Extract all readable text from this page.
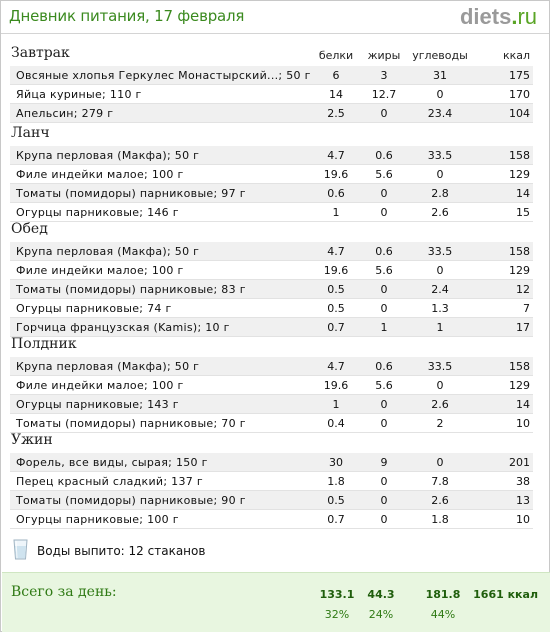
Дневник питания, 17 февраля	diets.ru
белки	жиры	углеводы	ккал
Завтрак
Овсяные хлопья Геркулес Монастырский...; 50 г	6	3	31	175
Яйца куриные; 110 г	14	12.7	0	170
Апельсин; 279 г	2.5	0	23.4	104
Ланч
Крупа перловая (Макфа); 50 г	4.7	0.6	33.5	158
Филе индейки малое; 100 г	19.6	5.6	0	129
Томаты (помидоры) парниковые; 97 г	0.6	0	2.8	14
Огурцы парниковые; 146 г	1	0	2.6	15
Обед
Крупа перловая (Макфа); 50 г	4.7	0.6	33.5	158
Филе индейки малое; 100 г	19.6	5.6	0	129
Томаты (помидоры) парниковые; 83 г	0.5	0	2.4	12
Огурцы парниковые; 74 г	0.5	0	1.3	7
Горчица французская (Kamis); 10 г	0.7	1	1	17
Полдник
Крупа перловая (Макфа); 50 г	4.7	0.6	33.5	158
Филе индейки малое; 100 г	19.6	5.6	0	129
Огурцы парниковые; 143 г	1	0	2.6	14
Томаты (помидоры) парниковые; 70 г	0.4	0	2	10
Ужин
Форель, все виды, сырая; 150 г	30	9	0	201
Перец красный сладкий; 137 г	1.8	0	7.8	38
Томаты (помидоры) парниковые; 90 г	0.5	0	2.6	13
Огурцы парниковые; 100 г	0.7	0	1.8	10
Воды выпито: 12 стаканов
Всего за день:	133.1	44.3	181.8	1661 ккал
32%	24%	44%
